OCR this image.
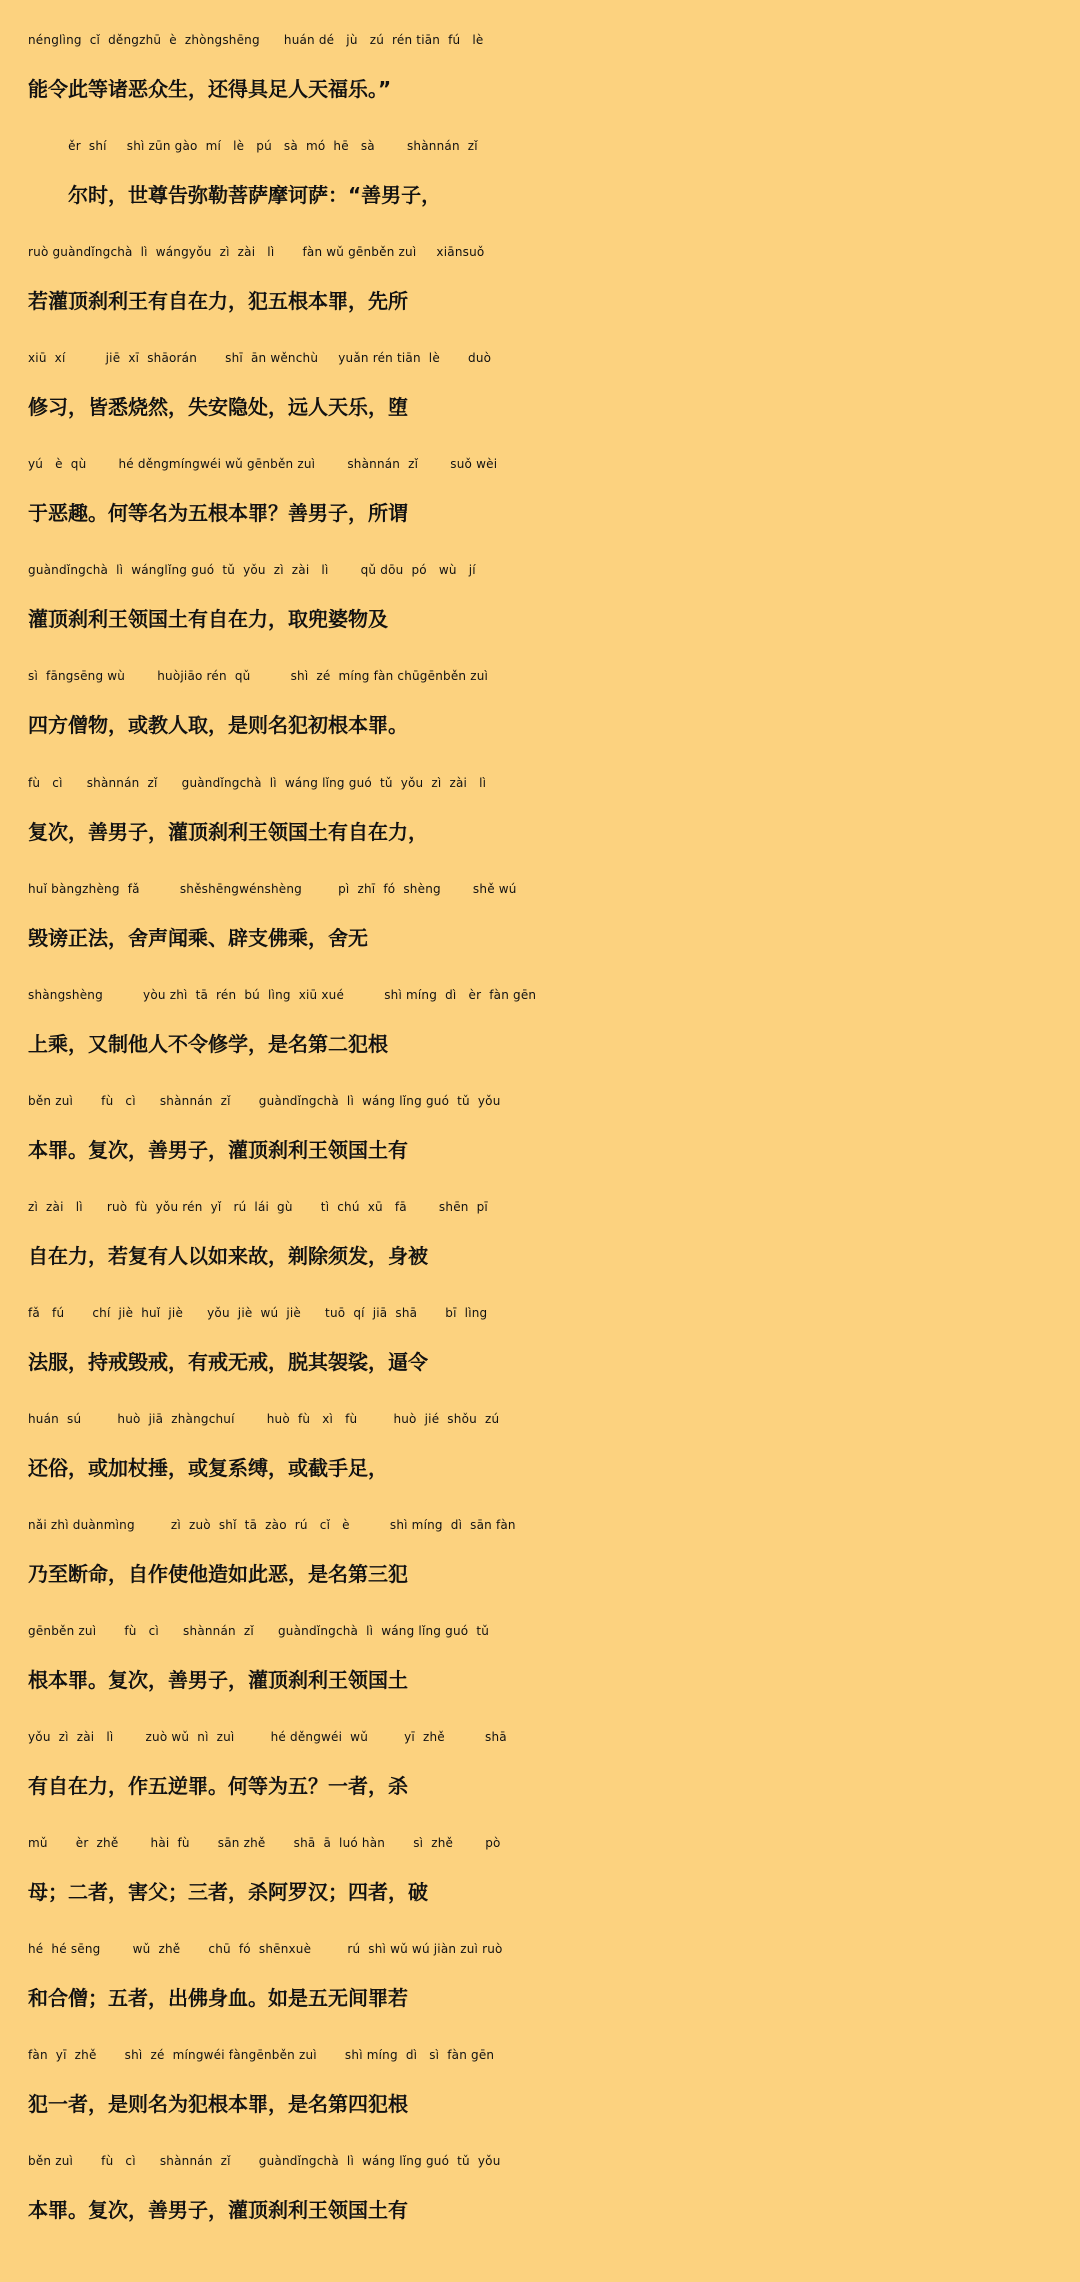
nénglìng  cǐ  děngzhū  è  zhòngshēng      huán dé   jù   zú  rén tiān  fú   lè
能令此等诸恶众生，还得具足人天福乐。”
ěr  shí     shì zūn gào  mí   lè   pú   sà  mó  hē   sà        shànnán  zǐ
　　尔时，世尊告弥勒菩萨摩诃萨：“善男子，
ruò guàndǐngchà  lì  wángyǒu  zì  zài   lì       fàn wǔ gēnběn zuì     xiānsuǒ
若灌顶刹利王有自在力，犯五根本罪，先所
xiū  xí          jiē  xī  shāorán       shī  ān wěnchù     yuǎn rén tiān  lè       duò
修习，皆悉烧然，失安隐处，远人天乐，堕
yú   è  qù        hé děngmíngwéi wǔ gēnběn zuì        shànnán  zǐ        suǒ wèi
于恶趣。何等名为五根本罪？善男子，所谓
guàndǐngchà  lì  wánglǐng guó  tǔ  yǒu  zì  zài   lì        qǔ dōu  pó   wù   jí
灌顶刹利王领国土有自在力，取兜婆物及
sì  fāngsēng wù        huòjiāo rén  qǔ          shì  zé  míng fàn chūgēnběn zuì
四方僧物，或教人取，是则名犯初根本罪。
fù   cì      shànnán  zǐ      guàndǐngchà  lì  wáng lǐng guó  tǔ  yǒu  zì  zài   lì
复次，善男子，灌顶刹利王领国土有自在力，
huǐ bàngzhèng  fǎ          shěshēngwénshèng         pì  zhī  fó  shèng        shě wú
毁谤正法，舍声闻乘、辟支佛乘，舍无
shàngshèng          yòu zhì  tā  rén  bú  lìng  xiū xué          shì míng  dì   èr  fàn gēn
上乘，又制他人不令修学，是名第二犯根
běn zuì       fù   cì      shànnán  zǐ       guàndǐngchà  lì  wáng lǐng guó  tǔ  yǒu
本罪。复次，善男子，灌顶刹利王领国土有
zì  zài   lì      ruò  fù  yǒu rén  yǐ   rú  lái  gù       tì  chú  xū   fā        shēn  pī
自在力，若复有人以如来故，剃除须发，身被
fǎ   fú       chí  jiè  huǐ  jiè      yǒu  jiè  wú  jiè      tuō  qí  jiā  shā       bī  lìng
法服，持戒毁戒，有戒无戒，脱其袈裟，逼令
huán  sú         huò  jiā  zhàngchuí        huò  fù   xì   fù         huò  jié  shǒu  zú
还俗，或加杖捶，或复系缚，或截手足，
nǎi zhì duànmìng         zì  zuò  shǐ  tā  zào  rú   cǐ   è          shì míng  dì  sān fàn
乃至断命，自作使他造如此恶，是名第三犯
gēnběn zuì       fù   cì      shànnán  zǐ      guàndǐngchà  lì  wáng lǐng guó  tǔ
根本罪。复次，善男子，灌顶刹利王领国土
yǒu  zì  zài   lì        zuò wǔ  nì  zuì         hé děngwéi  wǔ         yī  zhě          shā
有自在力，作五逆罪。何等为五？一者，杀
mǔ       èr  zhě        hài  fù       sān zhě       shā  ā  luó hàn       sì  zhě        pò
母；二者，害父；三者，杀阿罗汉；四者，破
hé  hé sēng        wǔ  zhě       chū  fó  shēnxuè         rú  shì wǔ wú jiàn zuì ruò
和合僧；五者，出佛身血。如是五无间罪若
fàn  yī  zhě       shì  zé  míngwéi fàngēnběn zuì       shì míng  dì   sì  fàn gēn
犯一者，是则名为犯根本罪，是名第四犯根
běn zuì       fù   cì      shànnán  zǐ       guàndǐngchà  lì  wáng lǐng guó  tǔ  yǒu
本罪。复次，善男子，灌顶刹利王领国土有
